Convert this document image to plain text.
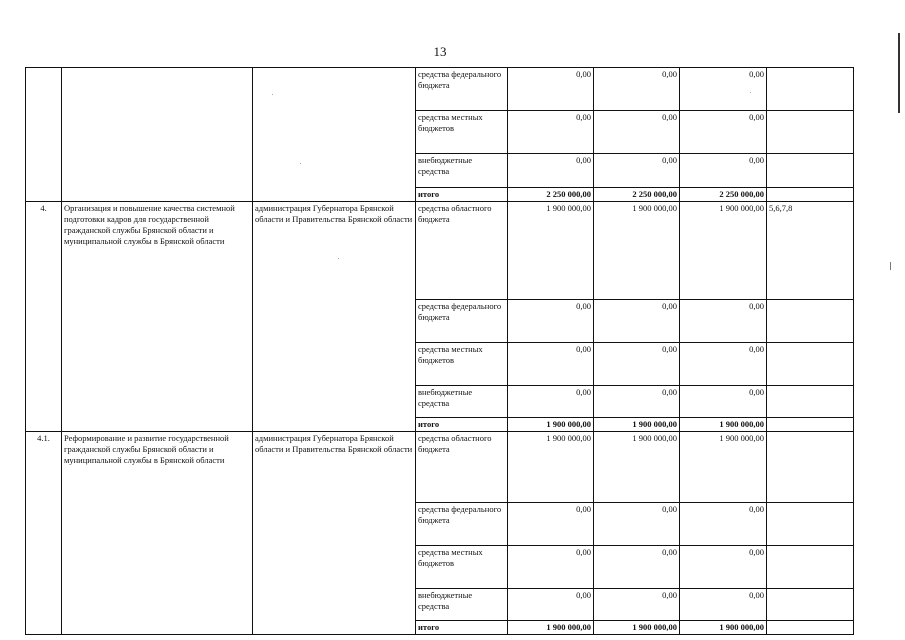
13
			средства федерального бюджета	0,00	0,00	0,00	
			средства местных бюджетов	0,00	0,00	0,00	
			внебюджетные средства	0,00	0,00	0,00	
			итого	2 250 000,00	2 250 000,00	2 250 000,00	
4.	Организация и повышение качества системной подготовки кадров для государственной гражданской службы Брянской области и муниципальной службы в Брянской области	администрация Губернатора Брянской области и Правительства Брянской области	средства областного бюджета	1 900 000,00	1 900 000,00	1 900 000,00	5,6,7,8
			средства федерального бюджета	0,00	0,00	0,00	
			средства местных бюджетов	0,00	0,00	0,00	
			внебюджетные средства	0,00	0,00	0,00	
			итого	1 900 000,00	1 900 000,00	1 900 000,00	
4.1.	Реформирование и развитие государственной гражданской службы Брянской области и муниципальной службы в Брянской области	администрация Губернатора Брянской области и Правительства Брянской области	средства областного бюджета	1 900 000,00	1 900 000,00	1 900 000,00	
			средства федерального бюджета	0,00	0,00	0,00	
			средства местных бюджетов	0,00	0,00	0,00	
			внебюджетные средства	0,00	0,00	0,00	
			итого	1 900 000,00	1 900 000,00	1 900 000,00	
